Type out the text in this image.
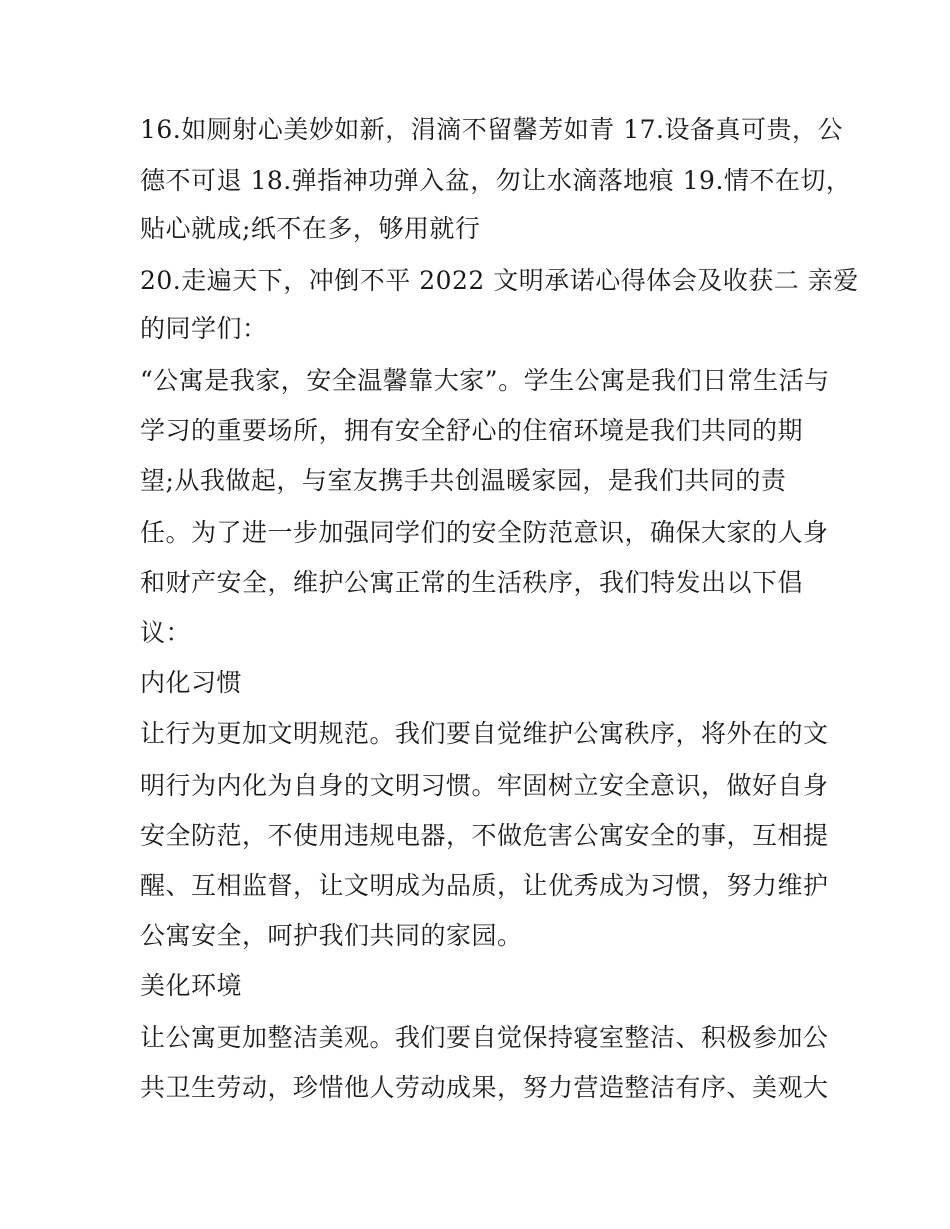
16.如厕射心美妙如新，涓滴不留馨芳如青 17.设备真可贵，公
德不可退 18.弹指神功弹入盆，勿让水滴落地痕 19.情不在切，
贴心就成;纸不在多，够用就行
20.走遍天下，冲倒不平 2022 文明承诺心得体会及收获二 亲爱
的同学们：
“公寓是我家，安全温馨靠大家”。学生公寓是我们日常生活与
学习的重要场所，拥有安全舒心的住宿环境是我们共同的期
望;从我做起，与室友携手共创温暖家园，是我们共同的责
任。为了进一步加强同学们的安全防范意识，确保大家的人身
和财产安全，维护公寓正常的生活秩序，我们特发出以下倡
议：
内化习惯
让行为更加文明规范。我们要自觉维护公寓秩序，将外在的文
明行为内化为自身的文明习惯。牢固树立安全意识，做好自身
安全防范，不使用违规电器，不做危害公寓安全的事，互相提
醒、互相监督，让文明成为品质，让优秀成为习惯，努力维护
公寓安全，呵护我们共同的家园。
美化环境
让公寓更加整洁美观。我们要自觉保持寝室整洁、积极参加公
共卫生劳动，珍惜他人劳动成果，努力营造整洁有序、美观大
